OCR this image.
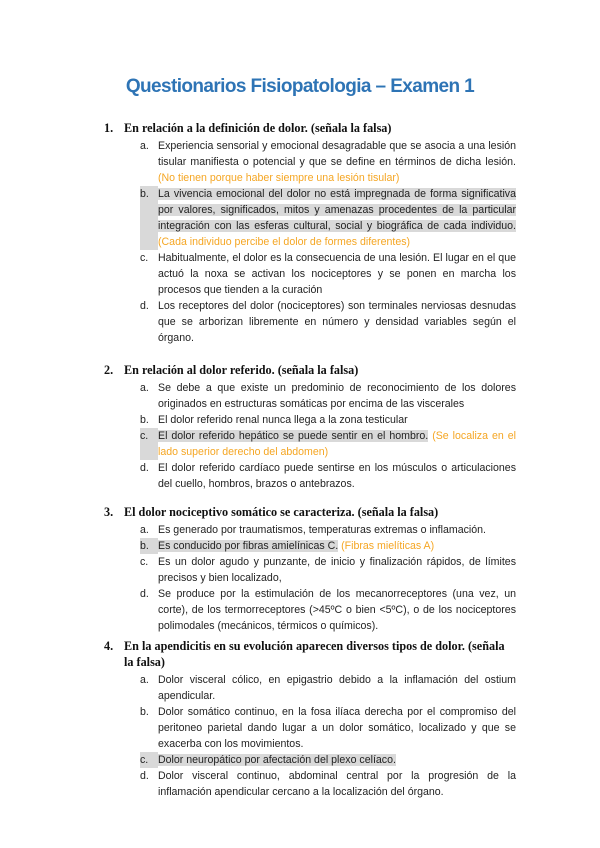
Questionarios Fisiopatologia – Examen 1
1. En relación a la definición de dolor. (señala la falsa)
a. Experiencia sensorial y emocional desagradable que se asocia a una lesión tisular manifiesta o potencial y que se define en términos de dicha lesión. (No tienen porque haber siempre una lesión tisular)
b. La vivencia emocional del dolor no está impregnada de forma significativa por valores, significados, mitos y amenazas procedentes de la particular integración con las esferas cultural, social y biográfica de cada individuo. (Cada individuo percibe el dolor de formes diferentes)
c. Habitualmente, el dolor es la consecuencia de una lesión. El lugar en el que actuó la noxa se activan los nociceptores y se ponen en marcha los procesos que tienden a la curación
d. Los receptores del dolor (nociceptores) son terminales nerviosas desnudas que se arborizan libremente en número y densidad variables según el órgano.
2. En relación al dolor referido. (señala la falsa)
a. Se debe a que existe un predominio de reconocimiento de los dolores originados en estructuras somáticas por encima de las viscerales
b. El dolor referido renal nunca llega a la zona testicular
c. El dolor referido hepático se puede sentir en el hombro. (Se localiza en el lado superior derecho del abdomen)
d. El dolor referido cardíaco puede sentirse en los músculos o articulaciones del cuello, hombros, brazos o antebrazos.
3. El dolor nociceptivo somático se caracteriza. (señala la falsa)
a. Es generado por traumatismos, temperaturas extremas o inflamación.
b. Es conducido por fibras amielínicas C. (Fibras mielíticas A)
c. Es un dolor agudo y punzante, de inicio y finalización rápidos, de límites precisos y bien localizado,
d. Se produce por la estimulación de los mecanorreceptores (una vez, un corte), de los termorreceptores (>45ºC o bien <5ºC), o de los nociceptores polimodales (mecánicos, térmicos o químicos).
4. En la apendicitis en su evolución aparecen diversos tipos de dolor. (señala la falsa)
a. Dolor visceral cólico, en epigastrio debido a la inflamación del ostium apendicular.
b. Dolor somático continuo, en la fosa ilíaca derecha por el compromiso del peritoneo parietal dando lugar a un dolor somático, localizado y que se exacerba con los movimientos.
c. Dolor neuropático por afectación del plexo celíaco.
d. Dolor visceral continuo, abdominal central por la progresión de la inflamación apendicular cercano a la localización del órgano.
